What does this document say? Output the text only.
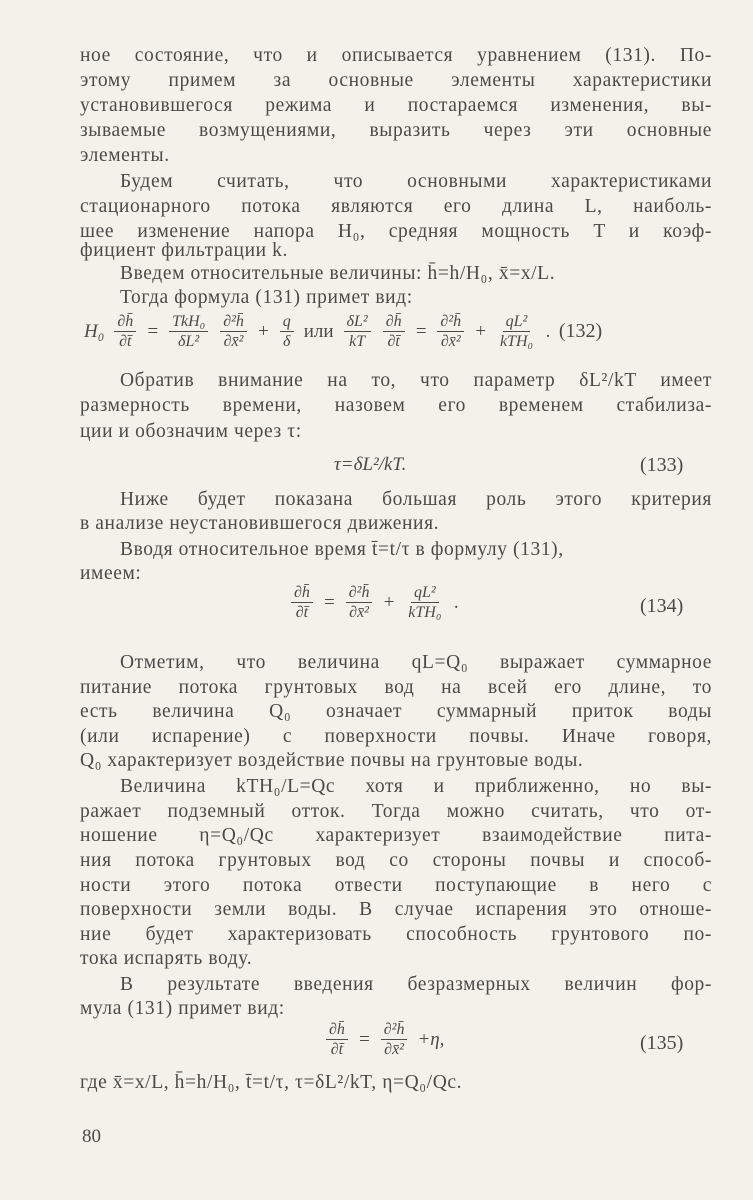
ное состояние, что и описывается уравнением (131). По-
этому примем за основные элементы характеристики
установившегося режима и постараемся изменения, вы-
зываемые возмущениями, выразить через эти основные
элементы.
Будем считать, что основными характеристиками
стационарного потока являются его длина L, наиболь-
шее изменение напора H₀, средняя мощность T и коэф-
фициент фильтрации k.
Введем относительные величины: h̄=h/H₀, x̄=x/L.
Тогда формула (131) примет вид:
Обратив внимание на то, что параметр δL²/kT имеет
размерность времени, назовем его временем стабилиза-
ции и обозначим через τ:
Ниже будет показана большая роль этого критерия
в анализе неустановившегося движения.
Вводя относительное время t̄=t/τ в формулу (131),
имеем:
Отметим, что величина qL=Q₀ выражает суммарное
питание потока грунтовых вод на всей его длине, то
есть величина Q₀ означает суммарный приток воды
(или испарение) с поверхности почвы. Иначе говоря,
Q₀ характеризует воздействие почвы на грунтовые воды.
Величина kTH₀/L=Qc хотя и приближенно, но вы-
ражает подземный отток. Тогда можно считать, что от-
ношение η=Q₀/Qc характеризует взаимодействие пита-
ния потока грунтовых вод со стороны почвы и способ-
ности этого потока отвести поступающие в него с
поверхности земли воды. В случае испарения это отноше-
ние будет характеризовать способность грунтового по-
тока испарять воду.
В результате введения безразмерных величин фор-
мула (131) примет вид:
где x̄=x/L, h̄=h/H₀, t̄=t/τ, τ=δL²/kT, η=Q₀/Qc.
$H_0 \frac{\partial h̄}{\partial t̄} = \frac{\text{TkH₀}}{\text{δL²}} \frac{\text{∂²h̄}}{\text{∂x̄²}} + \frac{q}{\delta}$ или $\frac{\text{δL²}}{kT} \frac{\partial h̄}{\partial t̄} = \frac{\text{∂²h̄}}{\text{∂x̄²}} + \frac{\text{qL²}}{\text{kTH₀}}$ . (132)
(133)
τ=δL²/kT.
(134)
$\frac{\partial h̄}{\partial t̄} = \frac{\text{∂²h̄}}{\text{∂x̄²}} + \frac{\text{qL²}}{\text{kTH₀}}$ .
(135)
$\frac{\partial h̄}{\partial t̄} = \frac{\text{∂²h̄}}{\text{∂x̄²}} +\eta$,
80
